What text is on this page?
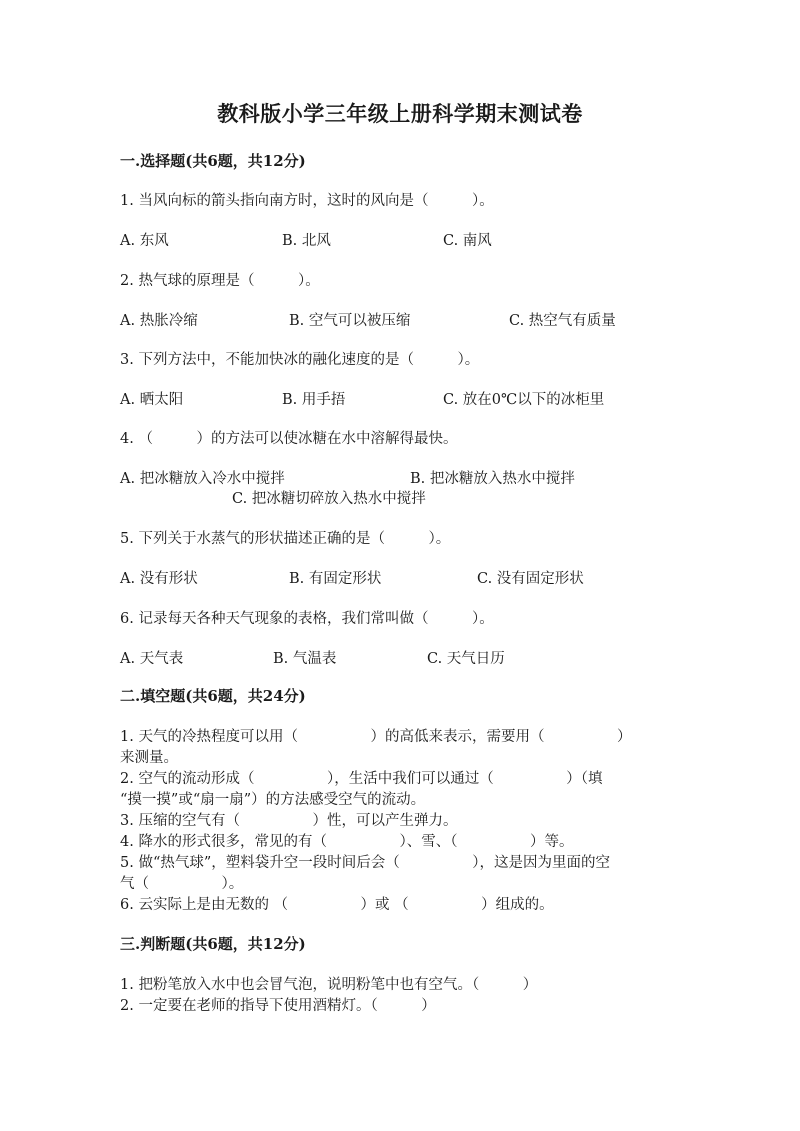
教科版小学三年级上册科学期末测试卷
一.选择题(共6题，共12分)
1. 当风向标的箭头指向南方时，这时的风向是（　　　）。
A. 东风	B. 北风	C. 南风
2. 热气球的原理是（　　　）。
A. 热胀冷缩	B. 空气可以被压缩	C. 热空气有质量
3. 下列方法中，不能加快冰的融化速度的是（　　　）。
A. 晒太阳	B. 用手捂	C. 放在0℃以下的冰柜里
4. （　　　）的方法可以使冰糖在水中溶解得最快。
A. 把冰糖放入冷水中搅拌	B. 把冰糖放入热水中搅拌
C. 把冰糖切碎放入热水中搅拌
5. 下列关于水蒸气的形状描述正确的是（　　　）。
A. 没有形状	B. 有固定形状	C. 没有固定形状
6. 记录每天各种天气现象的表格，我们常叫做（　　　）。
A. 天气表	B. 气温表	C. 天气日历
二.填空题(共6题，共24分)
1. 天气的冷热程度可以用（　　　　　）的高低来表示，需要用（　　　　　）
来测量。
2. 空气的流动形成（　　　　　），生活中我们可以通过（　　　　　）（填
“摸一摸”或“扇一扇”）的方法感受空气的流动。
3. 压缩的空气有（　　　　　）性，可以产生弹力。
4. 降水的形式很多，常见的有（　　　　　）、雪、（　　　　　）等。
5. 做“热气球”，塑料袋升空一段时间后会（　　　　　），这是因为里面的空
气（　　　　　）。
6. 云实际上是由无数的 （　　　　　）或 （　　　　　）组成的。
三.判断题(共6题，共12分)
1. 把粉笔放入水中也会冒气泡，说明粉笔中也有空气。（　　　）
2. 一定要在老师的指导下使用酒精灯。（　　　）
